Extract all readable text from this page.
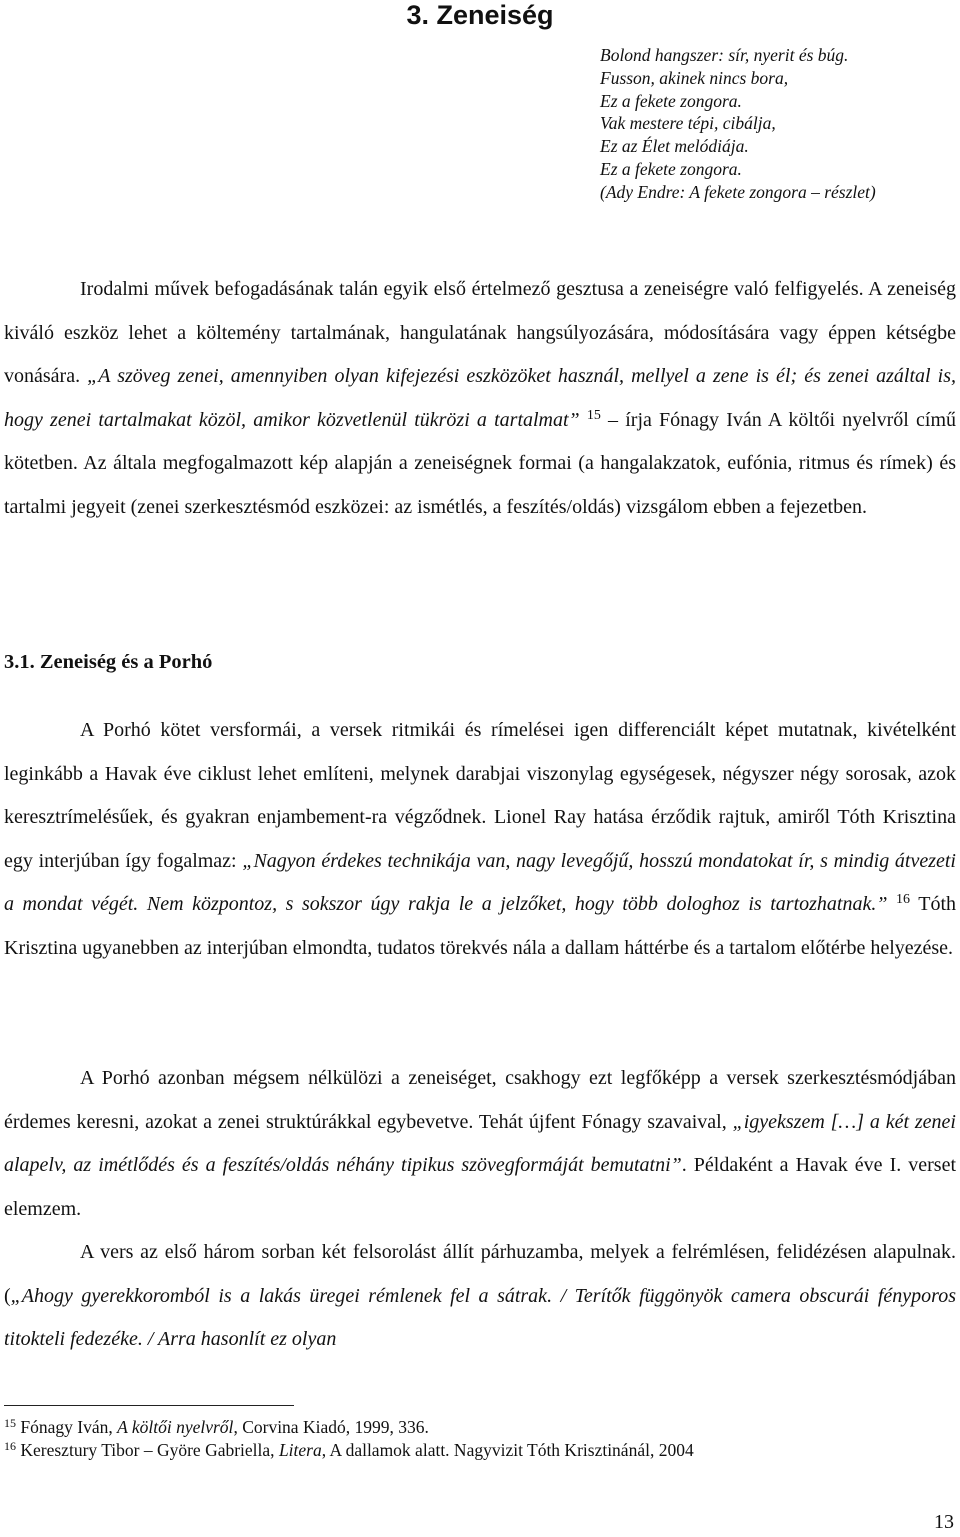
3. Zeneiség
Bolond hangszer: sír, nyerit és búg.
Fusson, akinek nincs bora,
Ez a fekete zongora.
Vak mestere tépi, cibálja,
Ez az Élet melódiája.
Ez a fekete zongora.
(Ady Endre: A fekete zongora – részlet)

Irodalmi művek befogadásának talán egyik első értelmező gesztusa a zeneiségre való felfigyelés. A zeneiség kiváló eszköz lehet a költemény tartalmának, hangulatának hangsúlyozására, módosítására vagy éppen kétségbe vonására. „A szöveg zenei, amennyiben olyan kifejezési eszközöket használ, mellyel a zene is él; és zenei azáltal is, hogy zenei tartalmakat közöl, amikor közvetlenül tükrözi a tartalmat” $^{15}$ – írja Fónagy Iván A költői nyelvről című kötetben. Az általa megfogalmazott kép alapján a zeneiségnek formai (a hangalakzatok, eufónia, ritmus és rímek) és tartalmi jegyeit (zenei szerkesztésmód eszközei: az ismétlés, a feszítés/oldás) vizsgálom ebben a fejezetben.

3.1. Zeneiség és a Porhó

A Porhó kötet versformái, a versek ritmikái és rímelései igen differenciált képet mutatnak, kivételként leginkább a Havak éve ciklust lehet említeni, melynek darabjai viszonylag egységesek, négyszer négy sorosak, azok keresztrímelésűek, és gyakran enjambement-ra végződnek. Lionel Ray hatása érződik rajtuk, amiről Tóth Krisztina egy interjúban így fogalmaz: „Nagyon érdekes technikája van, nagy levegőjű, hosszú mondatokat ír, s mindig átvezeti a mondat végét. Nem központoz, s sokszor úgy rakja le a jelzőket, hogy több dologhoz is tartozhatnak.” $^{16}$ Tóth Krisztina ugyanebben az interjúban elmondta, tudatos törekvés nála a dallam háttérbe és a tartalom előtérbe helyezése.

A Porhó azonban mégsem nélkülözi a zeneiséget, csakhogy ezt legfőképp a versek szerkesztésmódjában érdemes keresni, azokat a zenei struktúrákkal egybevetve. Tehát újfent Fónagy szavaival, „igyekszem […] a két zenei alapelv, az imétlődés és a feszítés/oldás néhány tipikus szövegformáját bemutatni”. Példaként a Havak éve I. verset elemzem.

A vers az első három sorban két felsorolást állít párhuzamba, melyek a felrémlésen, felidézésen alapulnak. („Ahogy gyerekkoromból is a lakás üregei rémlenek fel a sátrak. / Terítők függönyök camera obscurái fényporos titokteli fedezéke. / Arra hasonlít ez olyan

$^{15}$ Fónagy Iván, A költői nyelvről, Corvina Kiadó, 1999, 336.
$^{16}$ Keresztury Tibor – Györe Gabriella, Litera, A dallamok alatt. Nagyvizit Tóth Krisztinánál, 2004
13
